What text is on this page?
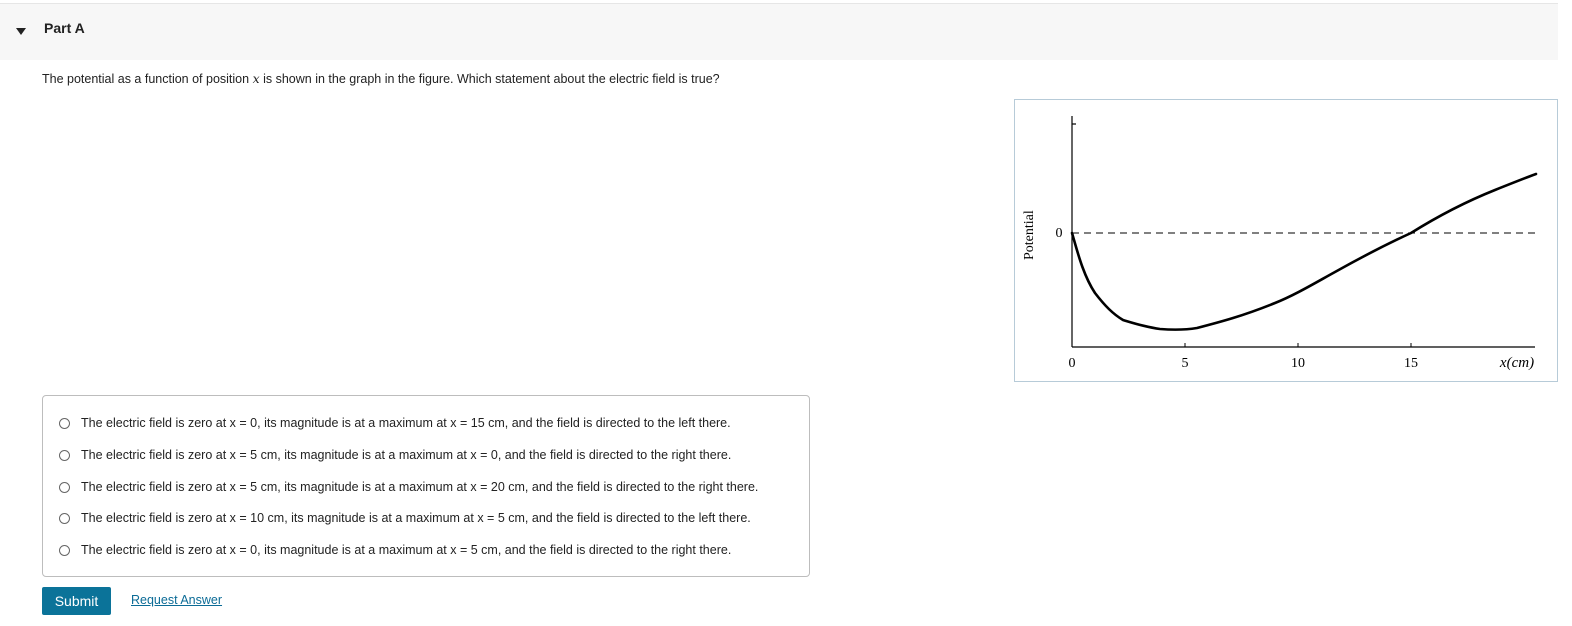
Part A
The potential as a function of position x is shown in the graph in the figure. Which statement about the electric field is true?
Potential 0
0	5	10	15	x(cm)
The electric field is zero at x = 0, its magnitude is at a maximum at x = 15 cm, and the field is directed to the left there.
The electric field is zero at x = 5 cm, its magnitude is at a maximum at x = 0, and the field is directed to the right there.
The electric field is zero at x = 5 cm, its magnitude is at a maximum at x = 20 cm, and the field is directed to the right there.
The electric field is zero at x = 10 cm, its magnitude is at a maximum at x = 5 cm, and the field is directed to the left there.
The electric field is zero at x = 0, its magnitude is at a maximum at x = 5 cm, and the field is directed to the right there.
Submit	Request Answer
